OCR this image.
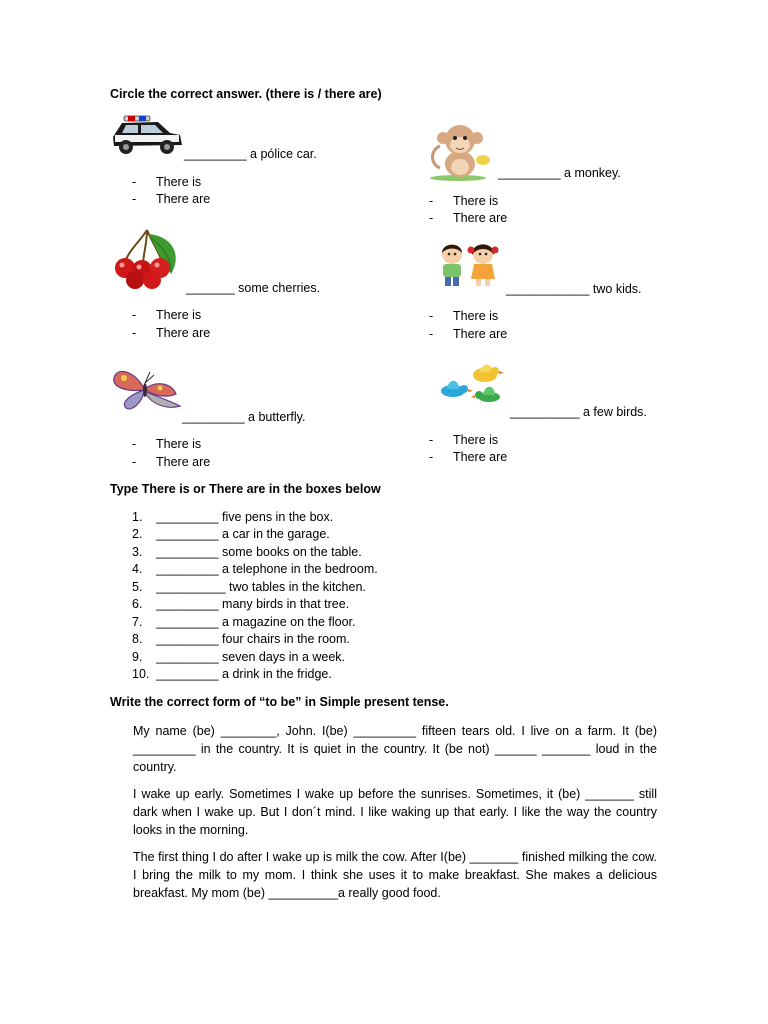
Circle the correct answer. (there is / there are)
_________ a pólice car.
- There is
- There are
_________ a monkey.
- There is
- There are
_______ some cherries.
- There is
- There are
____________ two kids.
- There is
- There are
_________ a butterfly.
- There is
- There are
__________ a few birds.
- There is
- There are
Type There is or There are in the boxes below
1. _________ five pens in the box.
2. _________ a car in the garage.
3. _________ some books on the table.
4. _________ a telephone in the bedroom.
5. __________ two tables in the kitchen.
6. _________ many birds in that tree.
7. _________ a magazine on the floor.
8. _________ four chairs in the room.
9. _________ seven days in a week.
10. _________ a drink in the fridge.
Write the correct form of “to be” in Simple present tense.
My name (be) ________, John. I(be) _________ fifteen tears old. I live on a farm. It (be) _________ in the country. It is quiet in the country. It (be not) ______ _______ loud in the country.
I wake up early. Sometimes I wake up before the sunrises. Sometimes, it (be) _______ still dark when I wake up. But I don´t mind. I like waking up that early. I like the way the country looks in the morning.
The first thing I do after I wake up is milk the cow. After I(be) _______ finished milking the cow. I bring the milk to my mom. I think she uses it to make breakfast. She makes a delicious breakfast. My mom (be) __________a really good food.
